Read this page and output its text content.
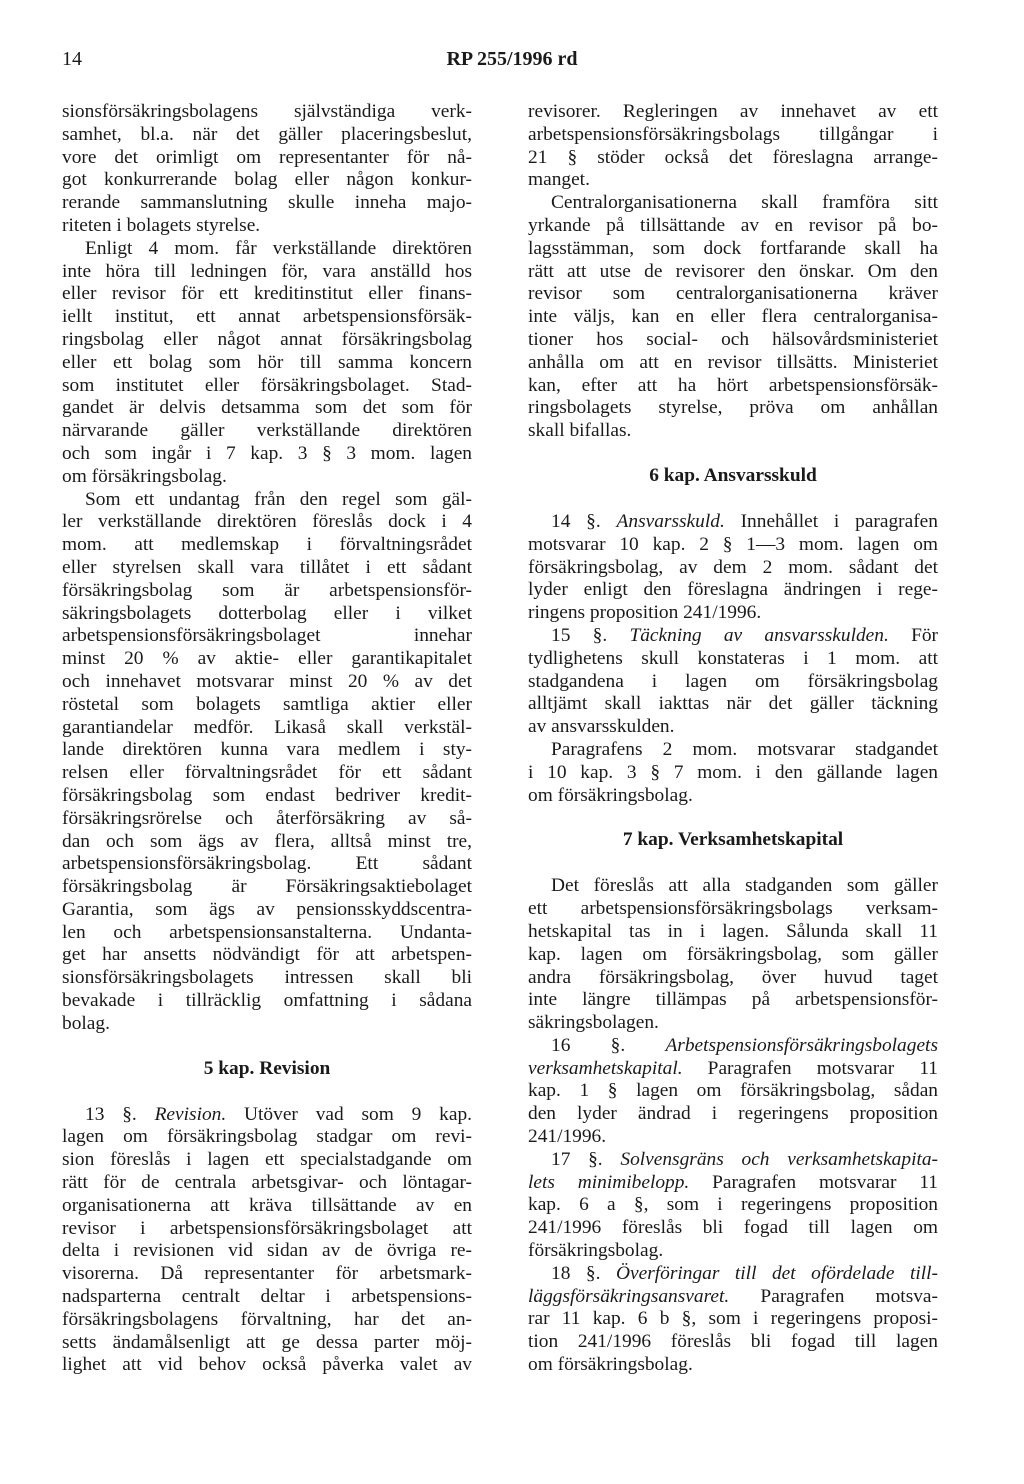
14	RP 255/1996 rd
sionsförsäkringsbolagens självständiga verk-
samhet, bl.a. när det gäller placeringsbeslut,
vore det orimligt om representanter för nå-
got konkurrerande bolag eller någon konkur-
rerande sammanslutning skulle inneha majo-
riteten i bolagets styrelse.
Enligt 4 mom. får verkställande direktören
inte höra till ledningen för, vara anställd hos
eller revisor för ett kreditinstitut eller finans-
iellt institut, ett annat arbetspensionsförsäk-
ringsbolag eller något annat försäkringsbolag
eller ett bolag som hör till samma koncern
som institutet eller försäkringsbolaget. Stad-
gandet är delvis detsamma som det som för
närvarande gäller verkställande direktören
och som ingår i 7 kap. 3 § 3 mom. lagen
om försäkringsbolag.
Som ett undantag från den regel som gäl-
ler verkställande direktören föreslås dock i 4
mom. att medlemskap i förvaltningsrådet
eller styrelsen skall vara tillåtet i ett sådant
försäkringsbolag som är arbetspensionsför-
säkringsbolagets dotterbolag eller i vilket
arbetspensionsförsäkringsbolaget innehar
minst 20 % av aktie- eller garantikapitalet
och innehavet motsvarar minst 20 % av det
röstetal som bolagets samtliga aktier eller
garantiandelar medför. Likaså skall verkstäl-
lande direktören kunna vara medlem i sty-
relsen eller förvaltningsrådet för ett sådant
försäkringsbolag som endast bedriver kredit-
försäkringsrörelse och återförsäkring av så-
dan och som ägs av flera, alltså minst tre,
arbetspensionsförsäkringsbolag. Ett sådant
försäkringsbolag är Försäkringsaktiebolaget
Garantia, som ägs av pensionsskyddscentra-
len och arbetspensionsanstalterna. Undanta-
get har ansetts nödvändigt för att arbetspen-
sionsförsäkringsbolagets intressen skall bli
bevakade i tillräcklig omfattning i sådana
bolag.
5 kap. Revision
13 §. Revision. Utöver vad som 9 kap.
lagen om försäkringsbolag stadgar om revi-
sion föreslås i lagen ett specialstadgande om
rätt för de centrala arbetsgivar- och löntagar-
organisationerna att kräva tillsättande av en
revisor i arbetspensionsförsäkringsbolaget att
delta i revisionen vid sidan av de övriga re-
visorerna. Då representanter för arbetsmark-
nadsparterna centralt deltar i arbetspensions-
försäkringsbolagens förvaltning, har det an-
setts ändamålsenligt att ge dessa parter möj-
lighet att vid behov också påverka valet av
revisorer. Regleringen av innehavet av ett
arbetspensionsförsäkringsbolags tillgångar i
21 § stöder också det föreslagna arrange-
manget.
Centralorganisationerna skall framföra sitt
yrkande på tillsättande av en revisor på bo-
lagsstämman, som dock fortfarande skall ha
rätt att utse de revisorer den önskar. Om den
revisor som centralorganisationerna kräver
inte väljs, kan en eller flera centralorganisa-
tioner hos social- och hälsovårdsministeriet
anhålla om att en revisor tillsätts. Ministeriet
kan, efter att ha hört arbetspensionsförsäk-
ringsbolagets styrelse, pröva om anhållan
skall bifallas.
6 kap. Ansvarsskuld
14 §. Ansvarsskuld. Innehållet i paragrafen
motsvarar 10 kap. 2 § 1—3 mom. lagen om
försäkringsbolag, av dem 2 mom. sådant det
lyder enligt den föreslagna ändringen i rege-
ringens proposition 241/1996.
15 §. Täckning av ansvarsskulden. För
tydlighetens skull konstateras i 1 mom. att
stadgandena i lagen om försäkringsbolag
alltjämt skall iakttas när det gäller täckning
av ansvarsskulden.
Paragrafens 2 mom. motsvarar stadgandet
i 10 kap. 3 § 7 mom. i den gällande lagen
om försäkringsbolag.
7 kap. Verksamhetskapital
Det föreslås att alla stadganden som gäller
ett arbetspensionsförsäkringsbolags verksam-
hetskapital tas in i lagen. Sålunda skall 11
kap. lagen om försäkringsbolag, som gäller
andra försäkringsbolag, över huvud taget
inte längre tillämpas på arbetspensionsför-
säkringsbolagen.
16 §. Arbetspensionsförsäkringsbolagets
verksamhetskapital. Paragrafen motsvarar 11
kap. 1 § lagen om försäkringsbolag, sådan
den lyder ändrad i regeringens proposition
241/1996.
17 §. Solvensgräns och verksamhetskapita-
lets minimibelopp. Paragrafen motsvarar 11
kap. 6 a §, som i regeringens proposition
241/1996 föreslås bli fogad till lagen om
försäkringsbolag.
18 §. Överföringar till det ofördelade till-
läggsförsäkringsansvaret. Paragrafen motsva-
rar 11 kap. 6 b §, som i regeringens proposi-
tion 241/1996 föreslås bli fogad till lagen
om försäkringsbolag.
